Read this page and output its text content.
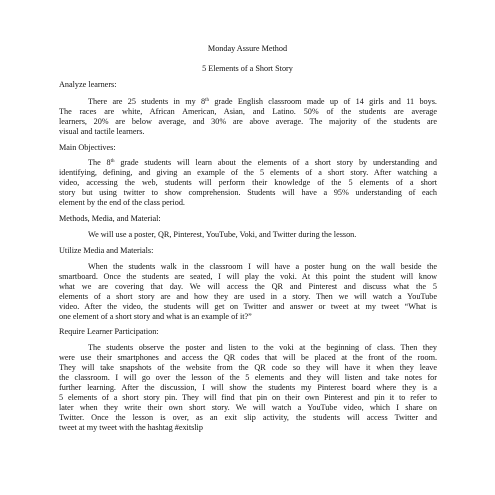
Monday Assure Method
5 Elements of a Short Story
Analyze learners:
There are 25 students in my 8th grade English classroom made up of 14 girls and 11 boys.
The races are white, African American, Asian, and Latino. 50% of the students are average
learners, 20% are below average, and 30% are above average. The majority of the students are
visual and tactile learners.
Main Objectives:
The 8th grade students will learn about the elements of a short story by understanding and
identifying, defining, and giving an example of the 5 elements of a short story. After watching a
video, accessing the web, students will perform their knowledge of the 5 elements of a short
story but using twitter to show comprehension. Students will have a 95% understanding of each
element by the end of the class period.
Methods, Media, and Material:
We will use a poster, QR, Pinterest, YouTube, Voki, and Twitter during the lesson.
Utilize Media and Materials:
When the students walk in the classroom I will have a poster hung on the wall beside the
smartboard. Once the students are seated, I will play the voki. At this point the student will know
what we are covering that day. We will access the QR and Pinterest and discuss what the 5
elements of a short story are and how they are used in a story. Then we will watch a YouTube
video. After the video, the students will get on Twitter and answer or tweet at my tweet “What is
one element of a short story and what is an example of it?”
Require Learner Participation:
The students observe the poster and listen to the voki at the beginning of class. Then they
were use their smartphones and access the QR codes that will be placed at the front of the room.
They will take snapshots of the website from the QR code so they will have it when they leave
the classroom. I will go over the lesson of the 5 elements and they will listen and take notes for
further learning. After the discussion, I will show the students my Pinterest board where they is a
5 elements of a short story pin. They will find that pin on their own Pinterest and pin it to refer to
later when they write their own short story. We will watch a YouTube video, which I share on
Twitter. Once the lesson is over, as an exit slip activity, the students will access Twitter and
tweet at my tweet with the hashtag #exitslip
